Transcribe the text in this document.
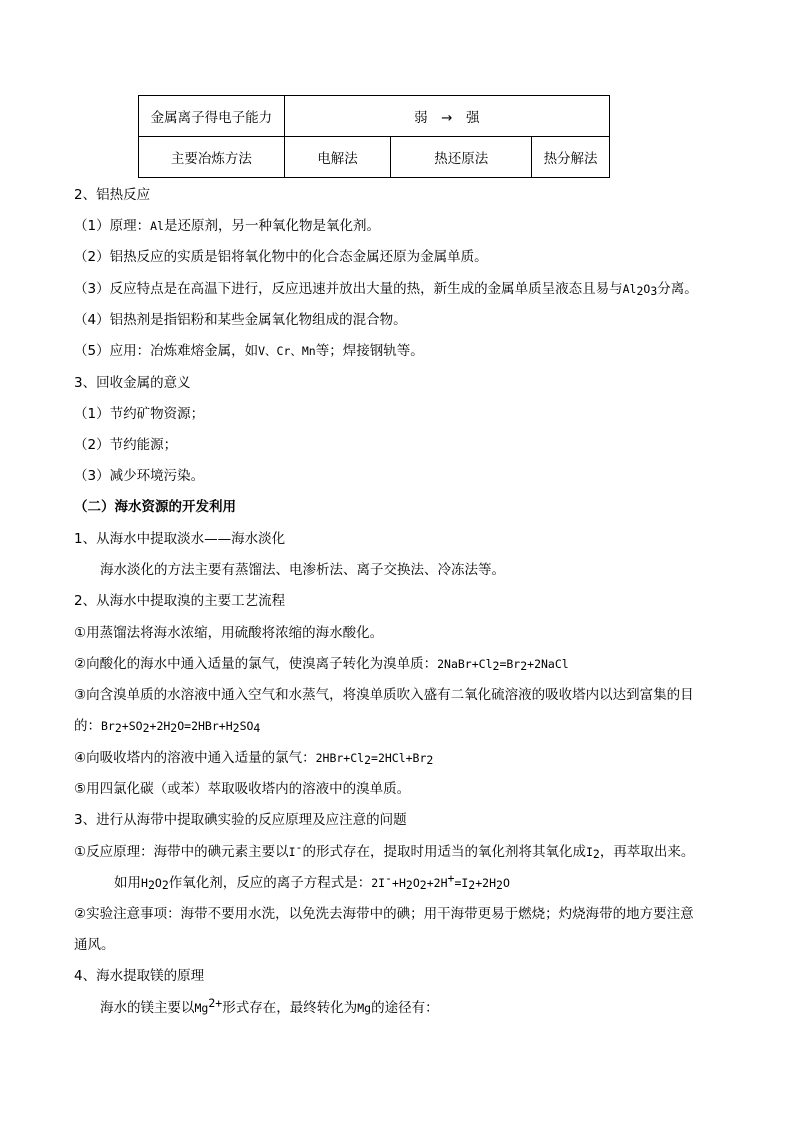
金属离子得电子能力	弱　→　强		
主要冶炼方法	电解法	热还原法	热分解法
2、铝热反应
（1）原理：Al是还原剂，另一种氧化物是氧化剂。
（2）铝热反应的实质是铝将氧化物中的化合态金属还原为金属单质。
（3）反应特点是在高温下进行，反应迅速并放出大量的热，新生成的金属单质呈液态且易与$Al_2O_3$分离。
（4）铝热剂是指铝粉和某些金属氧化物组成的混合物。
（5）应用：冶炼难熔金属，如V、Cr、Mn等；焊接钢轨等。
3、回收金属的意义
（1）节约矿物资源；
（2）节约能源；
（3）减少环境污染。
（二）海水资源的开发利用
1、从海水中提取淡水——海水淡化
海水淡化的方法主要有蒸馏法、电渗析法、离子交换法、冷冻法等。
2、从海水中提取溴的主要工艺流程
①用蒸馏法将海水浓缩，用硫酸将浓缩的海水酸化。
②向酸化的海水中通入适量的氯气，使溴离子转化为溴单质：$2NaBr+Cl_2=Br_2+2NaCl$
③向含溴单质的水溶液中通入空气和水蒸气，将溴单质吹入盛有二氧化硫溶液的吸收塔内以达到富集的目
的：$Br_2+SO_2+2H_2O=2HBr+H_2SO_4$
④向吸收塔内的溶液中通入适量的氯气：$2HBr+Cl_2=2HCl+Br_2$
⑤用四氯化碳（或苯）萃取吸收塔内的溶液中的溴单质。
3、进行从海带中提取碘实验的反应原理及应注意的问题
①反应原理：海带中的碘元素主要以I-的形式存在，提取时用适当的氧化剂将其氧化成$I_2$，再萃取出来。
如用$H_2O_2$作氧化剂，反应的离子方程式是：$2I^-+H_2O_2+2H^+=I_2+2H_2O$
②实验注意事项：海带不要用水洗，以免洗去海带中的碘；用干海带更易于燃烧；灼烧海带的地方要注意
通风。
4、海水提取镁的原理
海水的镁主要以$Mg^{2+}$形式存在，最终转化为Mg的途径有：
